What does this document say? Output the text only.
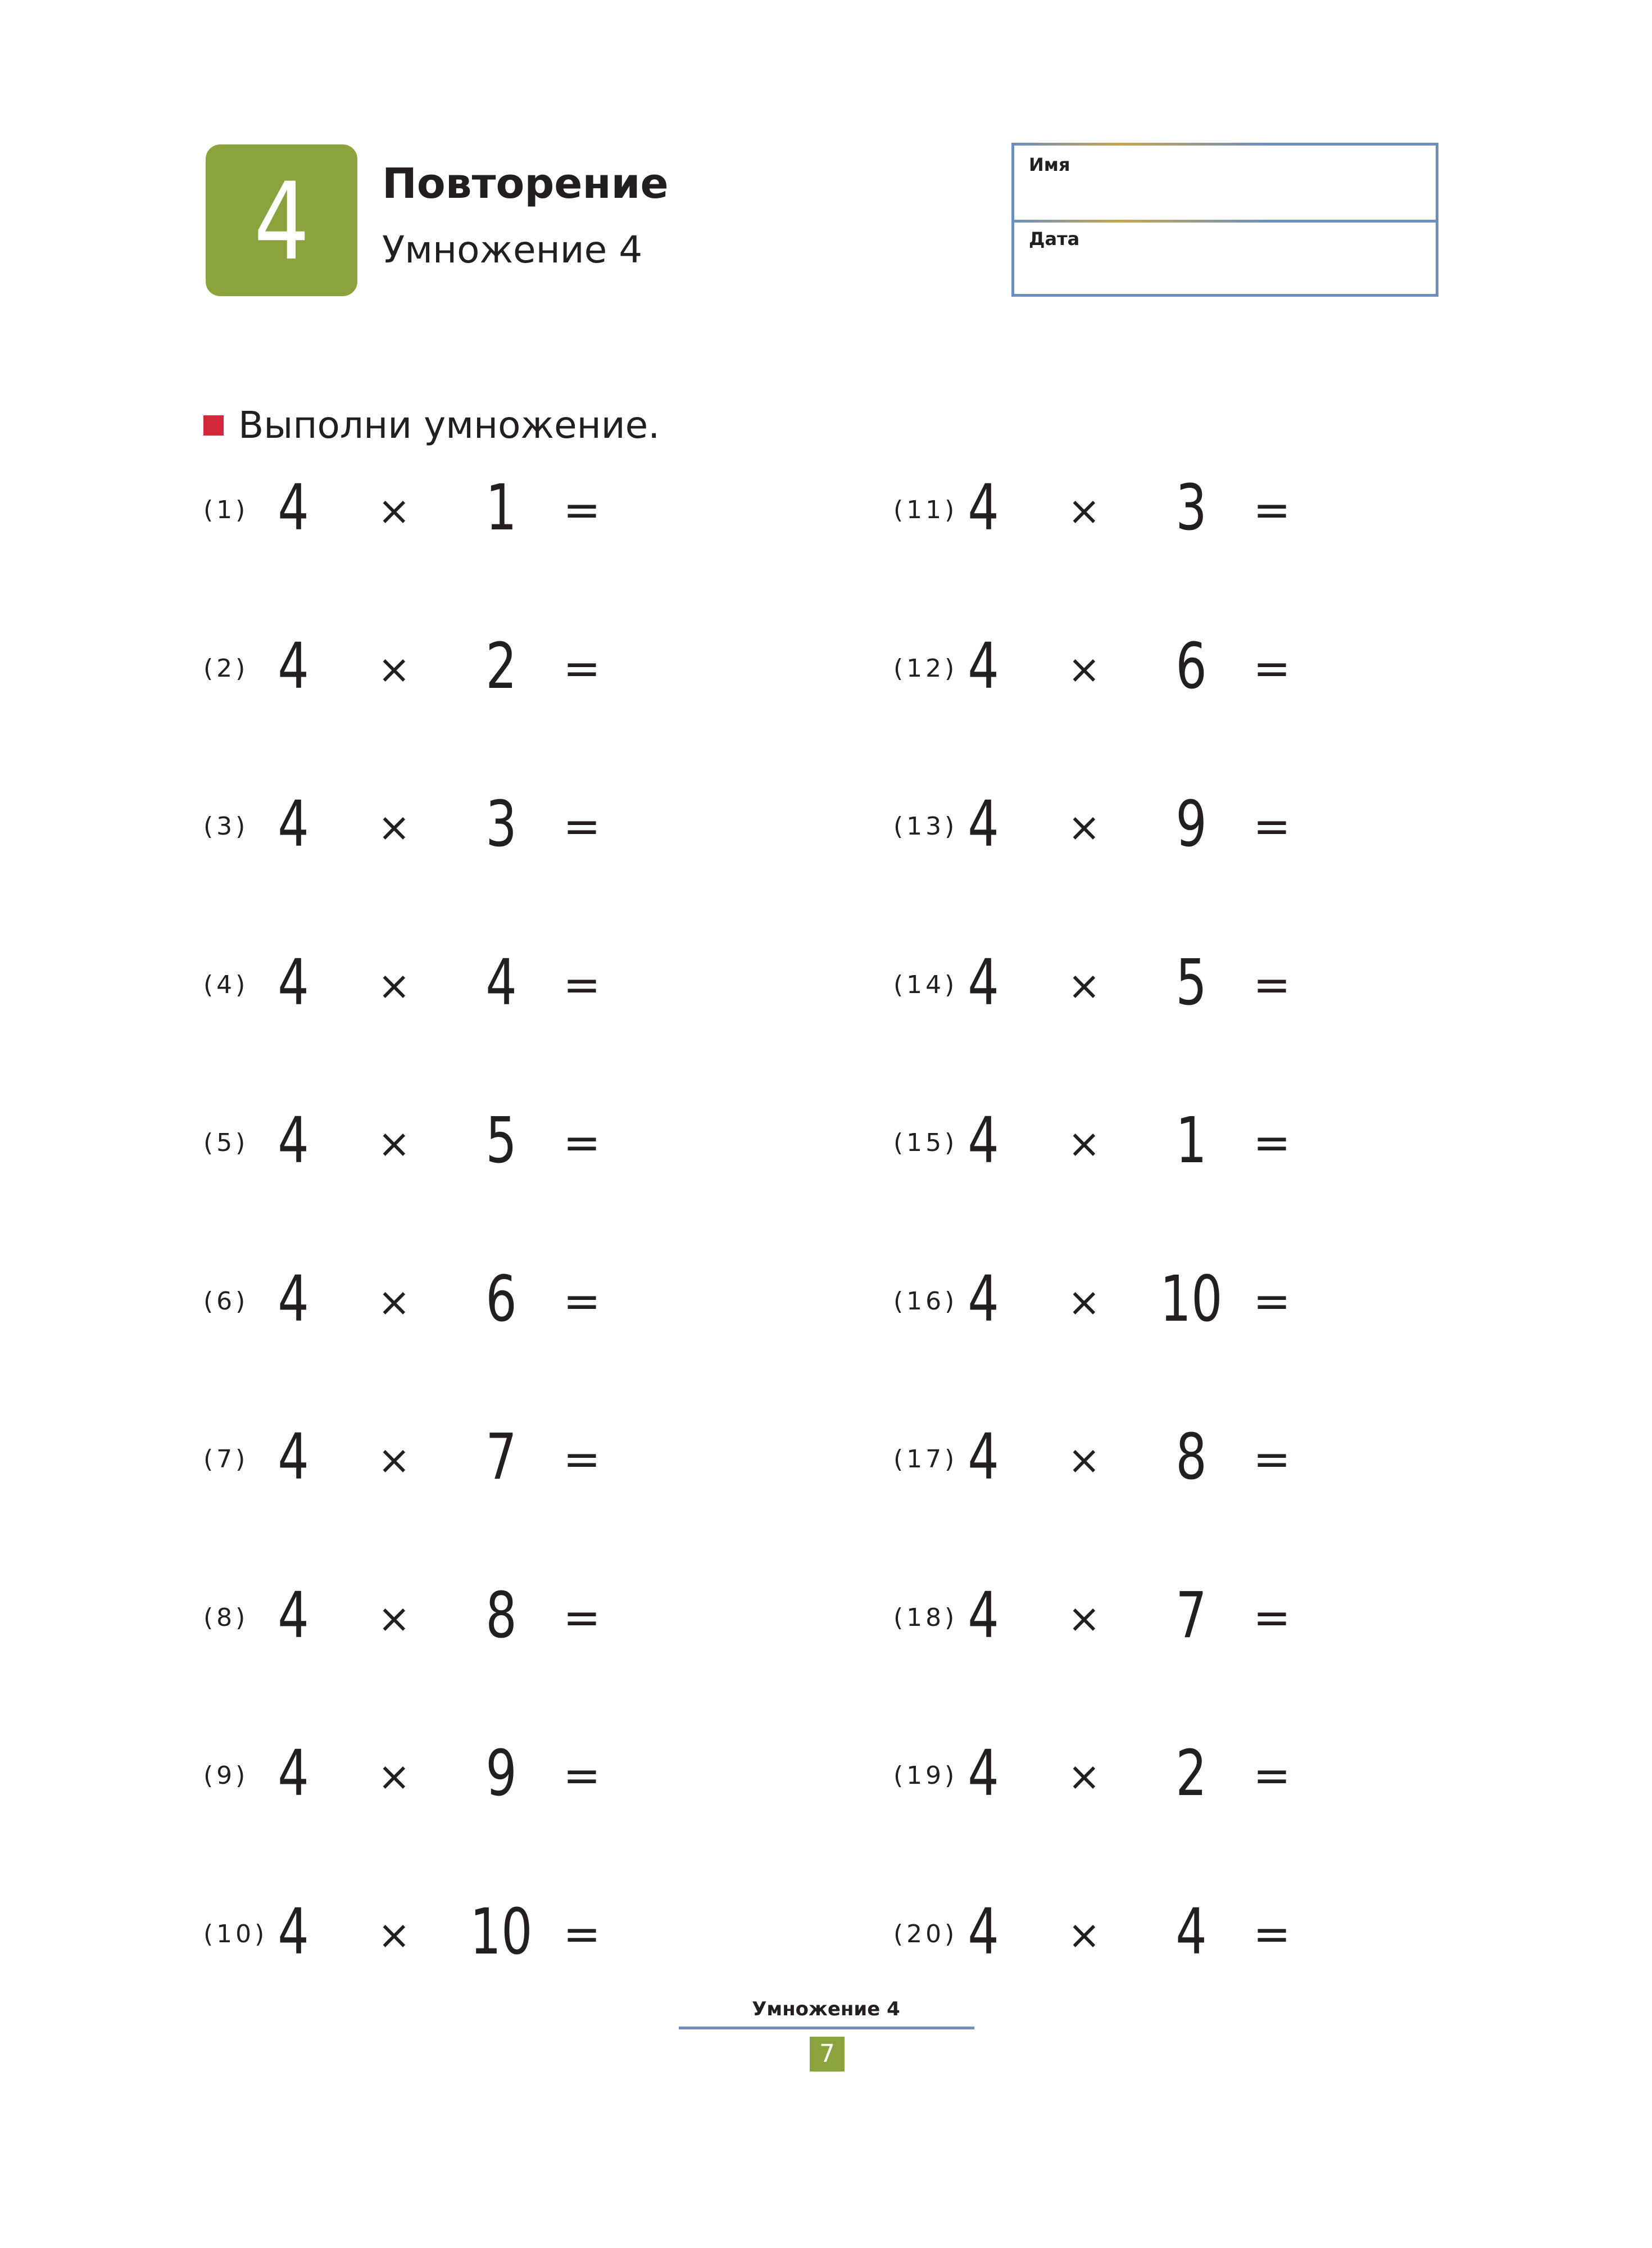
4 Повторение
Умножение 4
Имя
Дата
Выполни умножение.
(1) 4 ×	1	=
(2) 4 ×	2	=
(3) 4 ×	3	=
(4) 4 ×	4	=
(5) 4 ×	5	=
(6) 4 ×	6	=
(7) 4 ×	7	=
(8) 4 ×	8	=
(9) 4 ×	9	=
(10) 4 × 10 =
(11) 4 ×	3	=
(12) 4 ×	6	=
(13) 4 ×	9	=
(14) 4 ×	5	=
(15) 4 ×	1	=
(16) 4 × 10 =
(17) 4 ×	8	=
(18) 4 ×	7	=
(19) 4 ×	2	=
(20) 4 ×	4	=
Умножение 4
7
